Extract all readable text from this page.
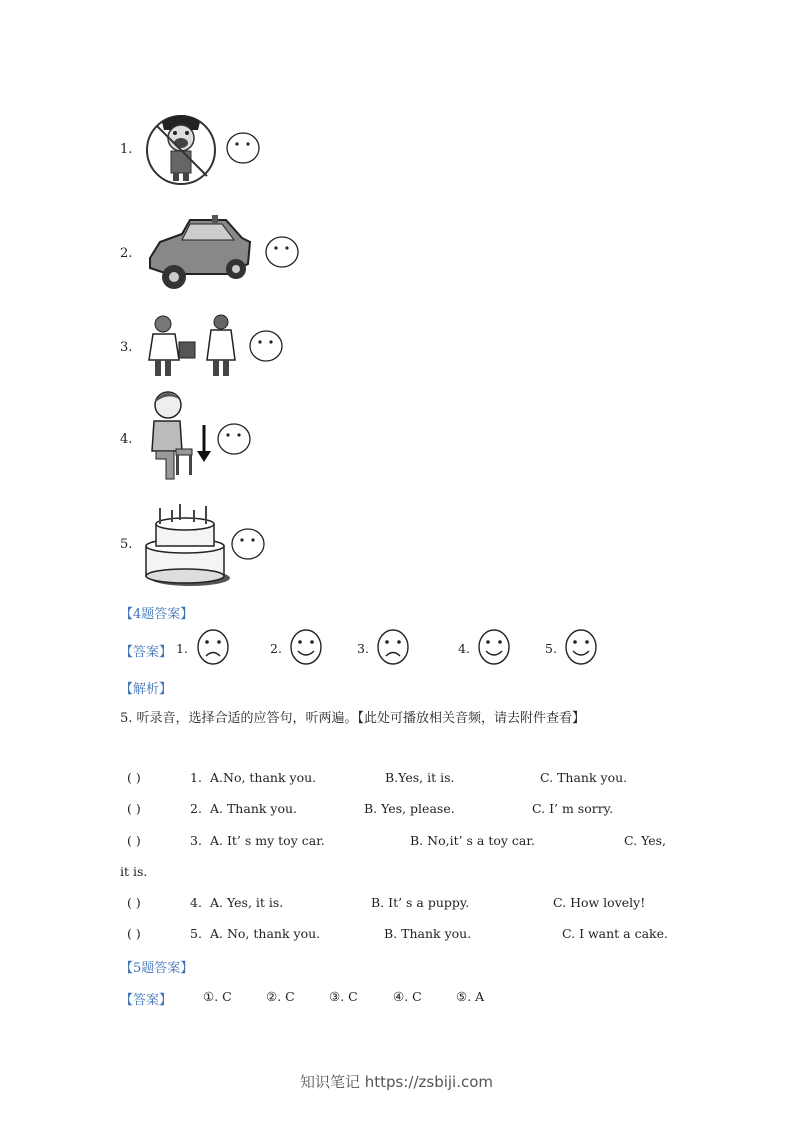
1.
2.
3.
4.
5.
【4题答案】
【答案】 1.	2.	3.	4.	5.
【解析】
5. 听录音，选择合适的应答句，听两遍。【此处可播放相关音频，请去附件查看】
( )	1. A.No, thank you.	B.Yes, it is.	C. Thank you.
( )	2. A. Thank you.	B. Yes, please.	C. I’ m sorry.
( )	3. A. It’ s my toy car.	B. No,it’ s a toy car.	C. Yes,
it is.
( )	4. A. Yes, it is.	B. It’ s a puppy.	C. How lovely!
( )	5. A. No, thank you.	B. Thank you.	C. I want a cake.
【5题答案】
【答案】 ①. C	②. C	③. C	④. C	⑤. A
知识笔记 https://zsbiji.com
